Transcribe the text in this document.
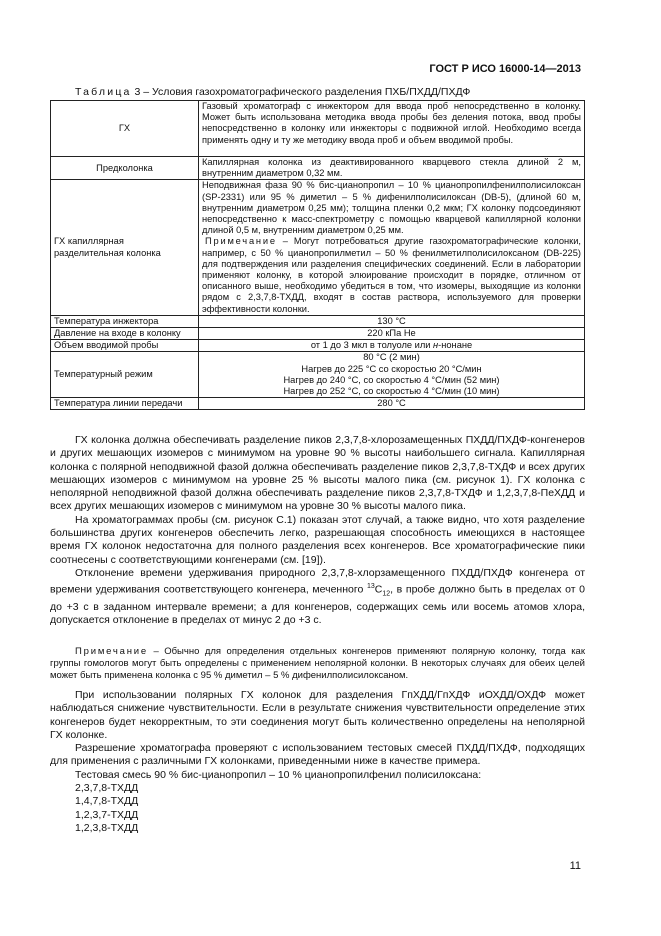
ГОСТ Р ИСО 16000-14—2013
Таблица 3 – Условия газохроматографического разделения ПХБ/ПХДД/ПХДФ
ГХ	Газовый хроматограф с инжектором для ввода проб непосредственно в колонку. Может быть использована методика ввода пробы без деления потока, ввод пробы непосредственно в колонку или инжекторы с подвижной иглой. Необходимо всегда применять одну и ту же методику ввода проб и объем вводимой пробы.
Предколонка	Капиллярная колонка из деактивированного кварцевого стекла длиной 2 м, внутренним диаметром 0,32 мм.
ГХ капиллярная разделительная колонка	Неподвижная фаза 90 % бис-цианопропил – 10 % цианопропилфенилполисилоксан (SP-2331) или 95 % диметил – 5 % дифенилполисилоксан (DB-5), (длиной 60 м, внутренним диаметром 0,25 мм); толщина пленки 0,2 мкм; ГХ колонку подсоединяют непосредственно к масс-спектрометру с помощью кварцевой капиллярной колонки длиной 0,5 м, внутренним диаметром 0,25 мм.
Примечание – Могут потребоваться другие газохроматографические колонки, например, с 50 % цианопропилметил – 50 % фенилметилполисилоксаном (DB-225) для подтверждения или разделения специфических соединений. Если в лаборатории применяют колонку, в которой элюирование происходит в порядке, отличном от описанного выше, необходимо убедиться в том, что изомеры, выходящие из колонки рядом с 2,3,7,8-ТХДД, входят в состав раствора, используемого для проверки эффективности колонки.

Температура инжектора	130 °С
Давление на входе в колонку	220 кПа Не
Объем вводимой пробы	от 1 до 3 мкл в толуоле или н-нонане
Температурный режим	80 °С (2 мин)
Нагрев до 225 °С со скоростью 20 °С/мин
Нагрев до 240 °С, со скоростью 4 °С/мин (52 мин)
Нагрев до 252 °С, со скоростью 4 °С/мин (10 мин)

Температура линии передачи	280 °С

ГХ колонка должна обеспечивать разделение пиков 2,3,7,8-хлорозамещенных ПХДД/ПХДФ-конгенеров и других мешающих изомеров с минимумом на уровне 90 % высоты наибольшего сигнала. Капиллярная колонка с полярной неподвижной фазой должна обеспечивать разделение пиков 2,3,7,8-ТХДФ и всех других мешающих изомеров с минимумом на уровне 25 % высоты малого пика (см. рисунок 1). ГХ колонка с неполярной неподвижной фазой должна обеспечивать разделение пиков 2,3,7,8-ТХДФ и 1,2,3,7,8-ПеХДД и всех других мешающих изомеров с минимумом на уровне 30 % высоты малого пика.

На хроматограммах пробы (см. рисунок С.1) показан этот случай, а также видно, что хотя разделение большинства других конгенеров обеспечить легко, разрешающая способность имеющихся в настоящее время ГХ колонок недостаточна для полного разделения всех конгенеров. Все хроматографические пики соотнесены с соответствующими конгенерами (см. [19]).

Отклонение времени удерживания природного 2,3,7,8-хлорзамещенного ПХДД/ПХДФ конгенера от времени удерживания соответствующего конгенера, меченного $^{13}С_{12}$, в пробе должно быть в пределах от 0 до +3 с в заданном интервале времени; а для конгенеров, содержащих семь или восемь атомов хлора, допускается отклонение в пределах от минус 2 до +3 с.

Примечание – Обычно для определения отдельных конгенеров применяют полярную колонку, тогда как группы гомологов могут быть определены с применением неполярной колонки. В некоторых случаях для обеих целей может быть применена колонка с 95 % диметил – 5 % дифенилполисилоксаном.

При использовании полярных ГХ колонок для разделения ГпХДД/ГпХДФ иОХДД/ОХДФ может наблюдаться снижение чувствительности. Если в результате снижения чувствительности определение этих конгенеров будет некорректным, то эти соединения могут быть количественно определены на неполярной ГХ колонке.

Разрешение хроматографа проверяют с использованием тестовых смесей ПХДД/ПХДФ, подходящих для применения с различными ГХ колонками, приведенными ниже в качестве примера.

Тестовая смесь 90 % бис-цианопропил – 10 % цианопропилфенил полисилоксана:

2,3,7,8-ТХДД
1,4,7,8-ТХДД
1,2,3,7-ТХДД
1,2,3,8-ТХДД
11
